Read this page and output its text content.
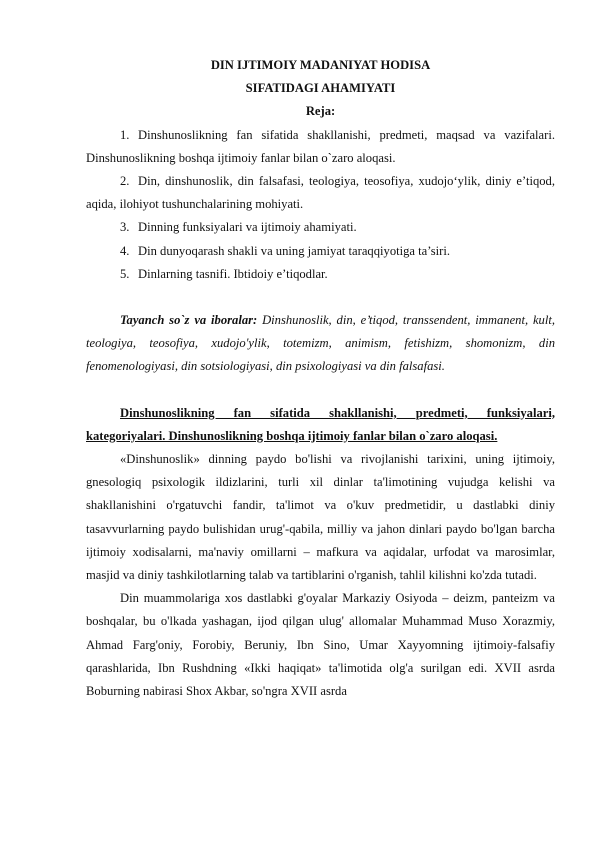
DIN IJTIMOIY MADANIYAT HODISA
SIFATIDAGI AHAMIYATI
Reja:

1. Dinshunoslikning fan sifatida shakllanishi, predmeti, maqsad va vazifalari. Dinshunoslikning boshqa ijtimoiy fanlar bilan o`zaro aloqasi.

2. Din, dinshunoslik, din falsafasi, teologiya, teosofiya, xudojo‘ylik, diniy e’tiqod, aqida, ilohiyot tushunchalarining mohiyati.

3. Dinning funksiyalari va ijtimoiy ahamiyati.

4. Din dunyoqarash shakli va uning jamiyat taraqqiyotiga ta’siri.

5. Dinlarning tasnifi. Ibtidoiy e’tiqodlar.

Tayanch so`z va iboralar: Dinshunoslik, din, e’tiqod, transsendent, immanent, kult, teologiya, teosofiya, xudojo'ylik, totemizm, animism, fetishizm, shomonizm, din fenomenologiyasi, din sotsiologiyasi, din psixologiyasi va din falsafasi.

Dinshunoslikning fan sifatida shakllanishi, predmeti, funksiyalari, kategoriyalari. Dinshunoslikning boshqa ijtimoiy fanlar bilan o`zaro aloqasi.

«Dinshunoslik» dinning paydo bo'lishi va rivojlanishi tarixini, uning ijtimoiy, gnesologiq psixologik ildizlarini, turli xil dinlar ta'limotining vujudga kelishi va shakllanishini o'rgatuvchi fandir, ta'limot va o'kuv predmetidir, u dastlabki diniy tasavvurlarning paydo bulishidan urug'-qabila, milliy va jahon dinlari paydo bo'lgan barcha ijtimoiy xodisalarni, ma'naviy omillarni – mafkura va aqidalar, urfodat va marosimlar, masjid va diniy tashkilotlarning talab va tartiblarini o'rganish, tahlil kilishni ko'zda tutadi.

Din muammolariga xos dastlabki g'oyalar Markaziy Osiyoda – deizm, panteizm va boshqalar, bu o'lkada yashagan, ijod qilgan ulug' allomalar Muhammad Muso Xorazmiy, Ahmad Farg'oniy, Forobiy, Beruniy, Ibn Sino, Umar Xayyomning ijtimoiy-falsafiy qarashlarida, Ibn Rushdning «Ikki haqiqat» ta'limotida olg'a surilgan edi. XVII asrda Boburning nabirasi Shox Akbar, so'ngra XVII asrda
